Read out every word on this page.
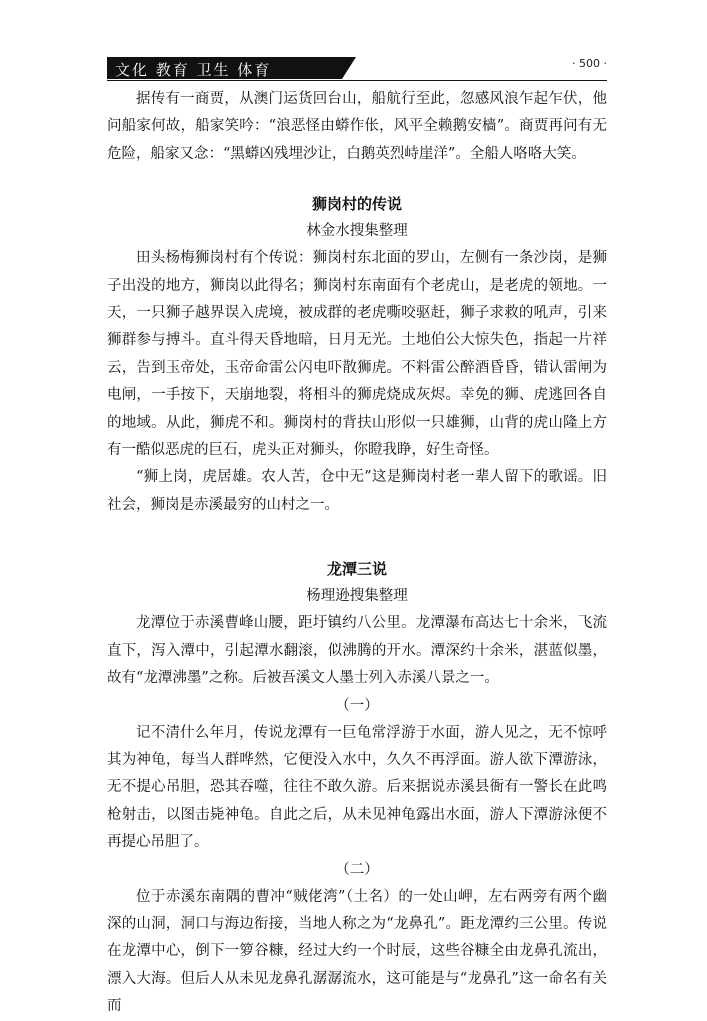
文化 教育 卫生 体育	· 500 ·

据传有一商贾，从澳门运货回台山，船航行至此，忽感风浪乍起乍伏，他问船家何故，船家笑吟：“浪恶怪由蟒作伥，风平全赖鹅安樯”。商贾再问有无危险，船家又念：“黑蟒凶残埋沙让，白鹅英烈峙崖洋”。全船人咯咯大笑。

狮岗村的传说

林金水搜集整理

田头杨梅狮岗村有个传说：狮岗村东北面的罗山，左侧有一条沙岗，是狮子出没的地方，狮岗以此得名；狮岗村东南面有个老虎山，是老虎的领地。一天，一只狮子越界误入虎境，被成群的老虎嘶咬驱赶，狮子求救的吼声，引来狮群参与搏斗。直斗得天昏地暗，日月无光。土地伯公大惊失色，指起一片祥云，告到玉帝处，玉帝命雷公闪电吓散狮虎。不料雷公醉酒昏昏，错认雷闸为电闸，一手按下，天崩地裂，将相斗的狮虎烧成灰烬。幸免的狮、虎逃回各自的地域。从此，狮虎不和。狮岗村的背扶山形似一只雄狮，山背的虎山隆上方有一酷似恶虎的巨石，虎头正对狮头，你瞪我睁，好生奇怪。

“狮上岗，虎居雄。农人苦，仓中无”这是狮岗村老一辈人留下的歌谣。旧社会，狮岗是赤溪最穷的山村之一。

龙潭三说

杨理逊搜集整理

龙潭位于赤溪曹峰山腰，距圩镇约八公里。龙潭瀑布高达七十余米，飞流直下，泻入潭中，引起潭水翻滚，似沸腾的开水。潭深约十余米，湛蓝似墨，故有“龙潭沸墨”之称。后被吾溪文人墨士列入赤溪八景之一。

（一）

记不清什么年月，传说龙潭有一巨龟常浮游于水面，游人见之，无不惊呼其为神龟，每当人群哗然，它便没入水中，久久不再浮面。游人欲下潭游泳，无不提心吊胆，恐其吞噬，往往不敢久游。后来据说赤溪县衙有一警长在此鸣枪射击，以图击毙神龟。自此之后，从未见神龟露出水面，游人下潭游泳便不再提心吊胆了。

（二）

位于赤溪东南隅的曹冲“贼佬湾”（土名）的一处山岬，左右两旁有两个幽深的山洞，洞口与海边衔接，当地人称之为“龙鼻孔”。距龙潭约三公里。传说在龙潭中心，倒下一箩谷糠，经过大约一个时辰，这些谷糠全由龙鼻孔流出，漂入大海。但后人从未见龙鼻孔潺潺流水，这可能是与“龙鼻孔”这一命名有关而
